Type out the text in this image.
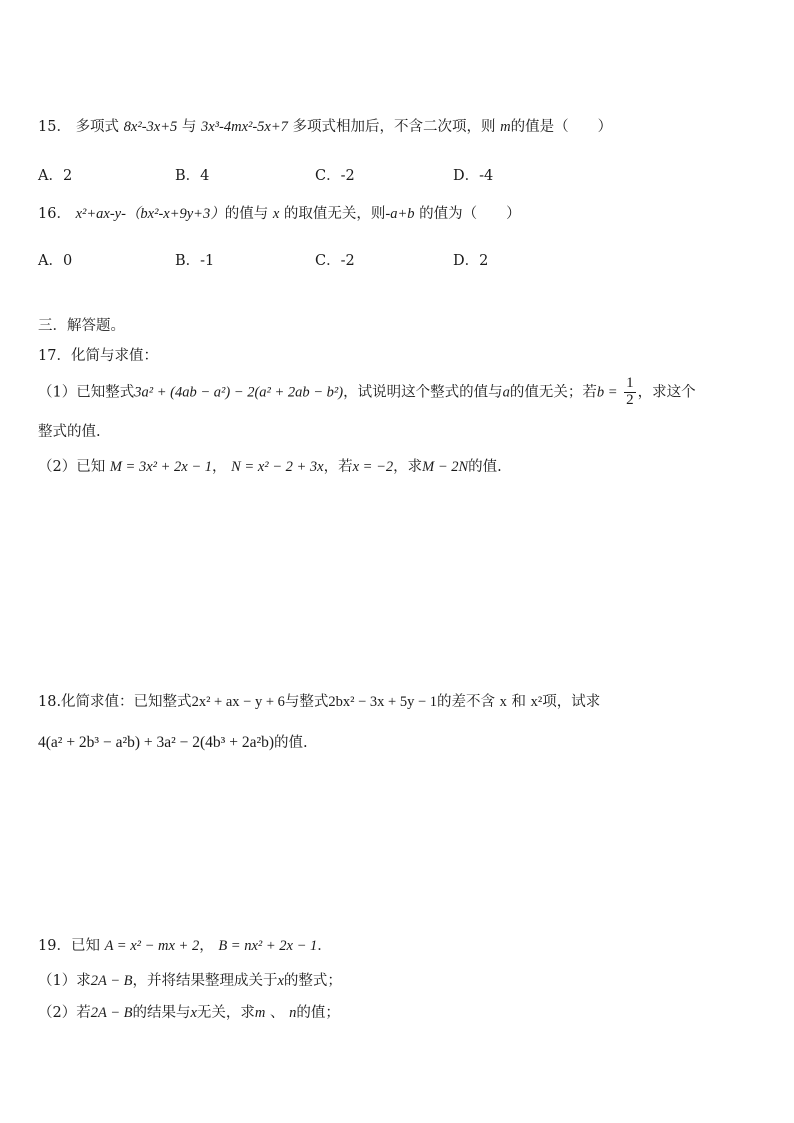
15． 多项式 8x²-3x+5 与 3x³-4mx²-5x+7 多项式相加后，不含二次项，则 m的值是（　　）
A．2	B．4	C．-2	D．-4
16． x²+ax-y-（bx²-x+9y+3）的值与 x 的取值无关，则-a+b 的值为（　　）
A．0	B．-1	C．-2	D．2
三．解答题。
17．化简与求值：
（1）已知整式3a² + (4ab − a²) − 2(a² + 2ab − b²)，试说明这个整式的值与a的值无关；若$b = \frac{1}{2}$ ，求这个
整式的值.
（2）已知 M = 3x² + 2x − 1， N = x² − 2 + 3x，若x = −2，求M − 2N的值.
18.化简求值：已知整式2x² + ax − y + 6与整式2bx² − 3x + 5y − 1的差不含 x 和 x²项，试求
4(a² + 2b³ − a²b) + 3a² − 2(4b³ + 2a²b)的值.
19．已知 A = x² − mx + 2， B = nx² + 2x − 1．
（1）求2A − B，并将结果整理成关于x的整式；
（2）若2A − B的结果与x无关，求m 、 n的值；
